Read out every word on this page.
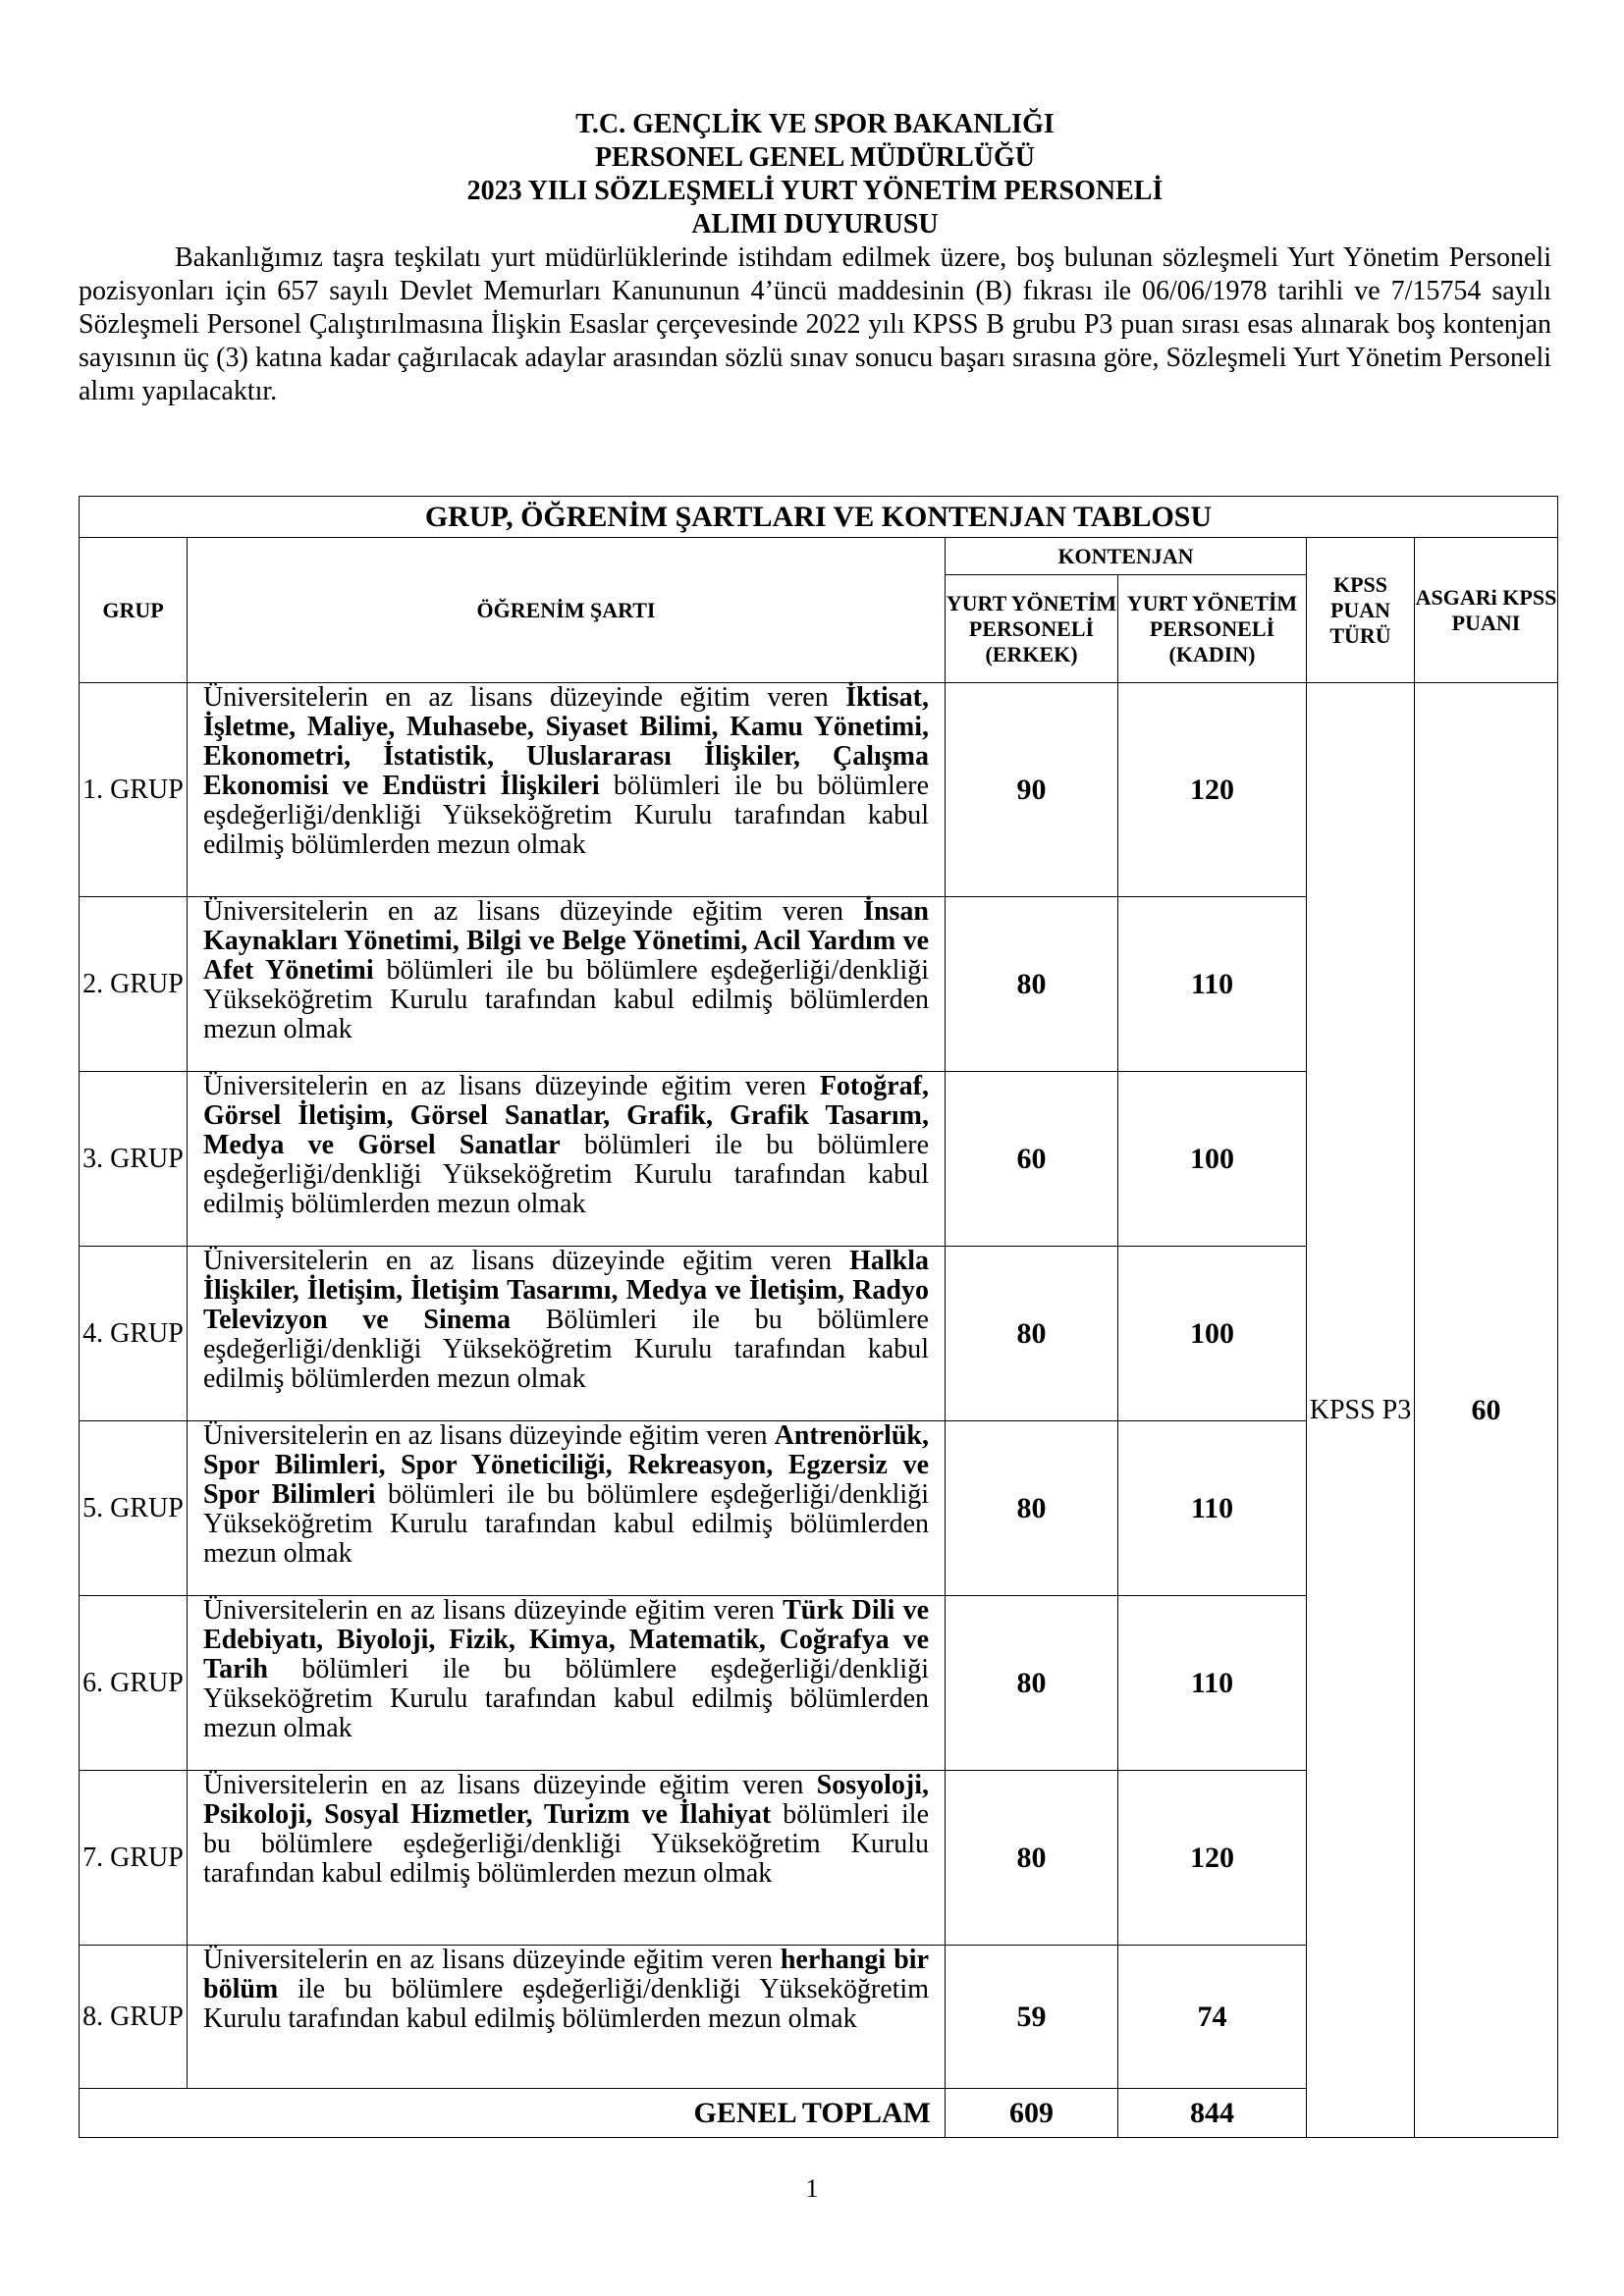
T.C. GENÇLİK VE SPOR BAKANLIĞI
PERSONEL GENEL MÜDÜRLÜĞÜ
2023 YILI SÖZLEŞMELİ YURT YÖNETİM PERSONELİ
ALIMI DUYURUSU

Bakanlığımız taşra teşkilatı yurt müdürlüklerinde istihdam edilmek üzere, boş bulunan sözleşmeli Yurt Yönetim Personeli pozisyonları için 657 sayılı Devlet Memurları Kanununun 4’üncü maddesinin (B) fıkrası ile 06/06/1978 tarihli ve 7/15754 sayılı Sözleşmeli Personel Çalıştırılmasına İlişkin Esaslar çerçevesinde 2022 yılı KPSS B grubu P3 puan sırası esas alınarak boş kontenjan sayısının üç (3) katına kadar çağırılacak adaylar arasından sözlü sınav sonucu başarı sırasına göre, Sözleşmeli Yurt Yönetim Personeli alımı yapılacaktır.

GRUP, ÖĞRENİM ŞARTLARI VE KONTENJAN TABLOSU					
GRUP	ÖĞRENİM ŞARTI	KONTENJAN		KPSS PUAN TÜRÜ	ASGARi KPSS PUANI
		YURT YÖNETİM PERSONELİ (ERKEK)	YURT YÖNETİM PERSONELİ (KADIN)		
1. GRUP	Üniversitelerin en az lisans düzeyinde eğitim veren İktisat, İşletme, Maliye, Muhasebe, Siyaset Bilimi, Kamu Yönetimi, Ekonometri, İstatistik, Uluslararası İlişkiler, Çalışma Ekonomisi ve Endüstri İlişkileri bölümleri ile bu bölümlere eşdeğerliği/denkliği Yükseköğretim Kurulu tarafından kabul edilmiş bölümlerden mezun olmak	90	120	KPSS P3	60
2. GRUP	Üniversitelerin en az lisans düzeyinde eğitim veren İnsan Kaynakları Yönetimi, Bilgi ve Belge Yönetimi, Acil Yardım ve Afet Yönetimi bölümleri ile bu bölümlere eşdeğerliği/denkliği Yükseköğretim Kurulu tarafından kabul edilmiş bölümlerden mezun olmak	80	110		
3. GRUP	Üniversitelerin en az lisans düzeyinde eğitim veren Fotoğraf, Görsel İletişim, Görsel Sanatlar, Grafik, Grafik Tasarım, Medya ve Görsel Sanatlar bölümleri ile bu bölümlere eşdeğerliği/denkliği Yükseköğretim Kurulu tarafından kabul edilmiş bölümlerden mezun olmak	60	100		
4. GRUP	Üniversitelerin en az lisans düzeyinde eğitim veren Halkla İlişkiler, İletişim, İletişim Tasarımı, Medya ve İletişim, Radyo Televizyon ve Sinema Bölümleri ile bu bölümlere eşdeğerliği/denkliği Yükseköğretim Kurulu tarafından kabul edilmiş bölümlerden mezun olmak	80	100		
5. GRUP	Üniversitelerin en az lisans düzeyinde eğitim veren Antrenörlük, Spor Bilimleri, Spor Yöneticiliği, Rekreasyon, Egzersiz ve Spor Bilimleri bölümleri ile bu bölümlere eşdeğerliği/denkliği Yükseköğretim Kurulu tarafından kabul edilmiş bölümlerden mezun olmak	80	110		
6. GRUP	Üniversitelerin en az lisans düzeyinde eğitim veren Türk Dili ve Edebiyatı, Biyoloji, Fizik, Kimya, Matematik, Coğrafya ve Tarih bölümleri ile bu bölümlere eşdeğerliği/denkliği Yükseköğretim Kurulu tarafından kabul edilmiş bölümlerden mezun olmak	80	110		
7. GRUP	Üniversitelerin en az lisans düzeyinde eğitim veren Sosyoloji, Psikoloji, Sosyal Hizmetler, Turizm ve İlahiyat bölümleri ile bu bölümlere eşdeğerliği/denkliği Yükseköğretim Kurulu tarafından kabul edilmiş bölümlerden mezun olmak	80	120		
8. GRUP	Üniversitelerin en az lisans düzeyinde eğitim veren herhangi bir bölüm ile bu bölümlere eşdeğerliği/denkliği Yükseköğretim Kurulu tarafından kabul edilmiş bölümlerden mezun olmak	59	74		
GENEL TOPLAM		609	844		
1
